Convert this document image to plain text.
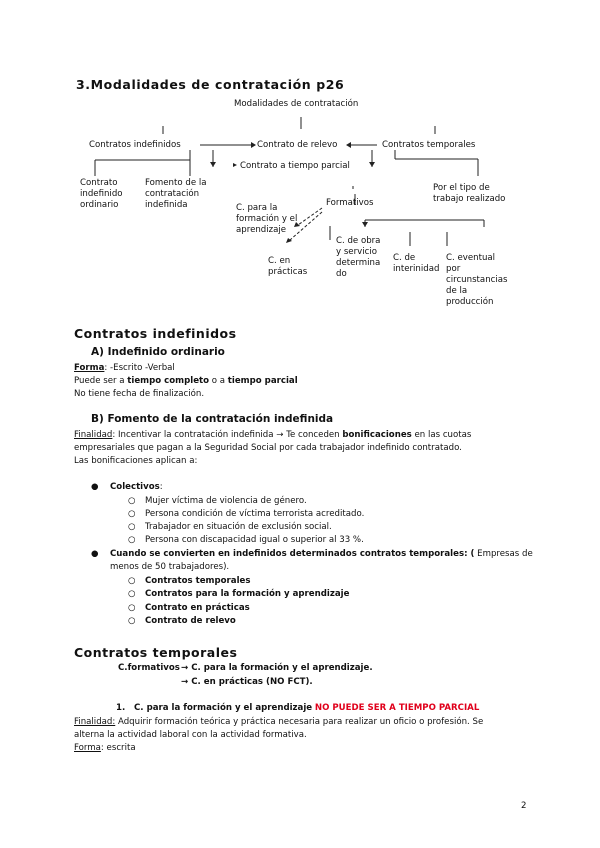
3.Modalidades de contratación p26
Modalidades de contratación
Contratos indefinidos	Contrato de relevo	Contratos temporales
Contrato a tiempo parcial
Contrato
indefinido
ordinario
Fomento de la
contratación
indefinida	Formativos
Por el tipo de
trabajo realizado
C. para la
formación y el
aprendizaje
C. en
prácticas
C. de obra
y servicio
determina
do
C. de
interinidad
C. eventual
por
circunstancias
de la
producción
Contratos indefinidos
A) Indefinido ordinario
Forma: -Escrito -Verbal
Puede ser a tiempo completo o a tiempo parcial
No tiene fecha de finalización.
B) Fomento de la contratación indefinida
Finalidad: Incentivar la contratación indefinida → Te conceden bonificaciones en las cuotas
empresariales que pagan a la Seguridad Social por cada trabajador indefinido contratado.
Las bonificaciones aplican a:
● Colectivos:
○ Mujer víctima de violencia de género.
○ Persona condición de víctima terrorista acreditado.
○ Trabajador en situación de exclusión social.
○ Persona con discapacidad igual o superior al 33 %.
● Cuando se convierten en indefinidos determinados contratos temporales: ( Empresas de
menos de 50 trabajadores).
○ Contratos temporales
○ Contratos para la formación y aprendizaje
○ Contrato en prácticas
○ Contrato de relevo
Contratos temporales
C.formativos → C. para la formación y el aprendizaje.
→ C. en prácticas (NO FCT).
1. C. para la formación y el aprendizaje NO PUEDE SER A TIEMPO PARCIAL
Finalidad: Adquirir formación teórica y práctica necesaria para realizar un oficio o profesión. Se
alterna la actividad laboral con la actividad formativa.
Forma: escrita
2
